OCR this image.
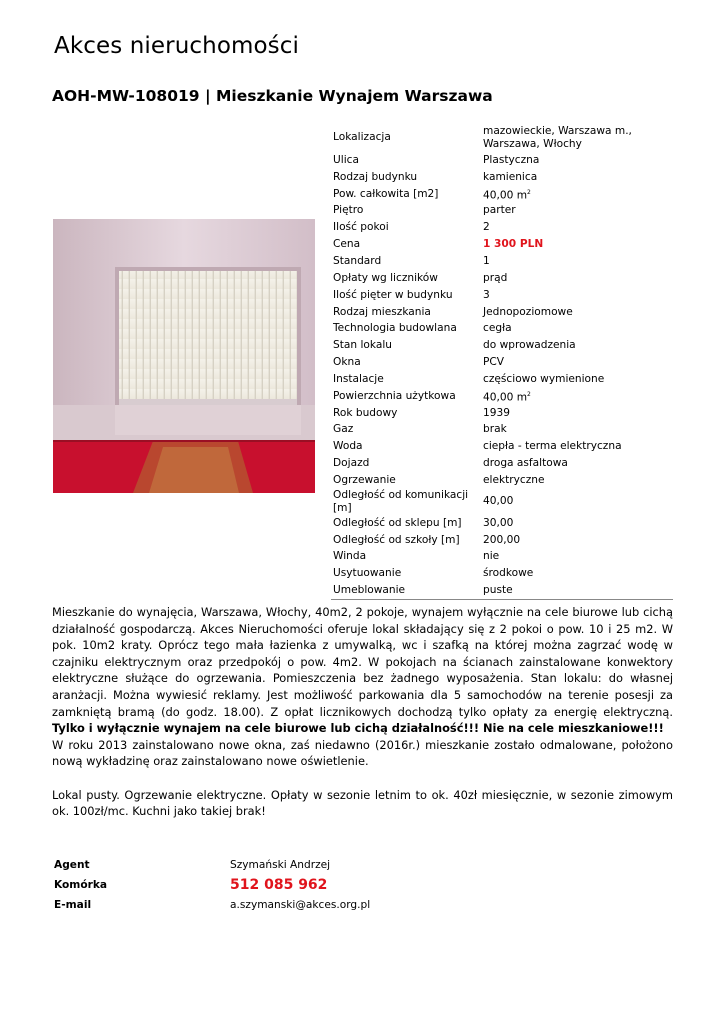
Akces nieruchomości
AOH-MW-108019 | Mieszkanie Wynajem Warszawa
Lokalizacja	mazowieckie, Warszawa m., Warszawa, Włochy
Ulica	Plastyczna
Rodzaj budynku	kamienica
Pow. całkowita [m2]	40,00 $m^2$
Piętro	parter
Ilość pokoi	2
Cena	1 300 PLN
Standard	1
Opłaty wg liczników	prąd
Ilość pięter w budynku	3
Rodzaj mieszkania	Jednopoziomowe
Technologia budowlana	cegła
Stan lokalu	do wprowadzenia
Okna	PCV
Instalacje	częściowo wymienione
Powierzchnia użytkowa	40,00 $m^2$
Rok budowy	1939
Gaz	brak
Woda	ciepła - terma elektryczna
Dojazd	droga asfaltowa
Ogrzewanie	elektryczne
Odległość od komunikacji [m]	40,00
Odległość od sklepu [m]	30,00
Odległość od szkoły [m]	200,00
Winda	nie
Usytuowanie	środkowe
Umeblowanie	puste

Mieszkanie do wynajęcia, Warszawa, Włochy, 40m2, 2 pokoje, wynajem wyłącznie na cele biurowe lub cichą działalność gospodarczą. Akces Nieruchomości oferuje lokal składający się z 2 pokoi o pow. 10 i 25 m2. W pok. 10m2 kraty. Oprócz tego mała łazienka z umywalką, wc i szafką na której można zagrzać wodę w czajniku elektrycznym oraz przedpokój o pow. 4m2. W pokojach na ścianach zainstalowane konwektory elektryczne służące do ogrzewania. Pomieszczenia bez żadnego wyposażenia. Stan lokalu: do własnej aranżacji. Można wywiesić reklamy. Jest możliwość parkowania dla 5 samochodów na terenie posesji za zamkniętą bramą (do godz. 18.00). Z opłat licznikowych dochodzą tylko opłaty za energię elektryczną. Tylko i wyłącznie wynajem na cele biurowe lub cichą działalność!!! Nie na cele mieszkaniowe!!!

W roku 2013 zainstalowano nowe okna, zaś niedawno (2016r.) mieszkanie zostało odmalowane, położono nową wykładzinę oraz zainstalowano nowe oświetlenie.

Lokal pusty. Ogrzewanie elektryczne. Opłaty w sezonie letnim to ok. 40zł miesięcznie, w sezonie zimowym ok. 100zł/mc. Kuchni jako takiej brak!

Agent	Szymański Andrzej
Komórka	512 085 962
E-mail	a.szymanski@akces.org.pl
